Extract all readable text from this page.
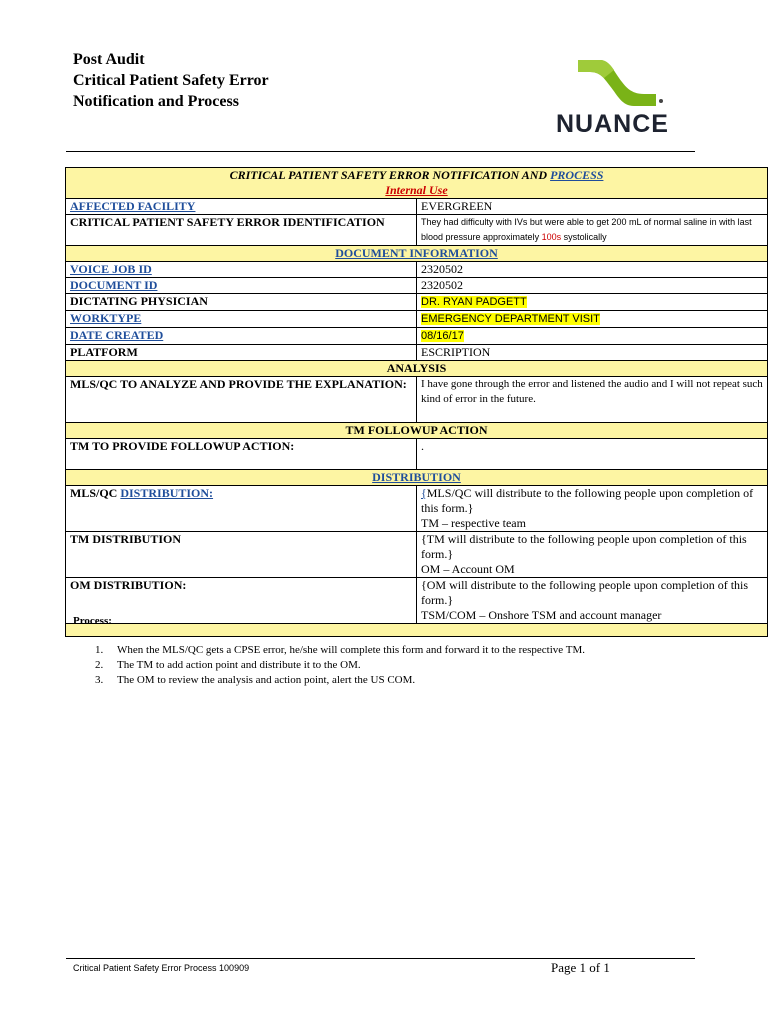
Post Audit
Critical Patient Safety Error
Notification and Process
NUANCE
CRITICAL PATIENT SAFETY ERROR NOTIFICATION AND PROCESS
Internal Use	

AFFECTED FACILITY	EVERGREEN
CRITICAL PATIENT SAFETY ERROR IDENTIFICATION	They had difficulty with IVs but were able to get 200 mL of normal saline in with last blood pressure approximately 100s systolically
DOCUMENT INFORMATION	
VOICE JOB ID	2320502
DOCUMENT ID	2320502
DICTATING PHYSICIAN	DR. RYAN PADGETT
WORKTYPE	EMERGENCY DEPARTMENT VISIT
DATE CREATED	08/16/17
PLATFORM	ESCRIPTION
ANALYSIS	
MLS/QC TO ANALYZE AND PROVIDE THE EXPLANATION:	I have gone through the error and listened the audio and I will not repeat such kind of error in the future.
TM FOLLOWUP ACTION	
TM TO PROVIDE FOLLOWUP ACTION:	.
DISTRIBUTION	
MLS/QC DISTRIBUTION:	{MLS/QC will distribute to the following people upon completion of this form.}
TM – respective team

TM DISTRIBUTION	{TM will distribute to the following people upon completion of this form.}
OM – Account OM

OM DISTRIBUTION:	{OM will distribute to the following people upon completion of this form.}
TSM/COM – Onshore TSM and account manager

Process:
1. When the MLS/QC gets a CPSE error, he/she will complete this form and forward it to the respective TM.
2. The TM to add action point and distribute it to the OM.
3. The OM to review the analysis and action point, alert the US COM.
Critical Patient Safety Error Process 100909	Page 1 of 1
